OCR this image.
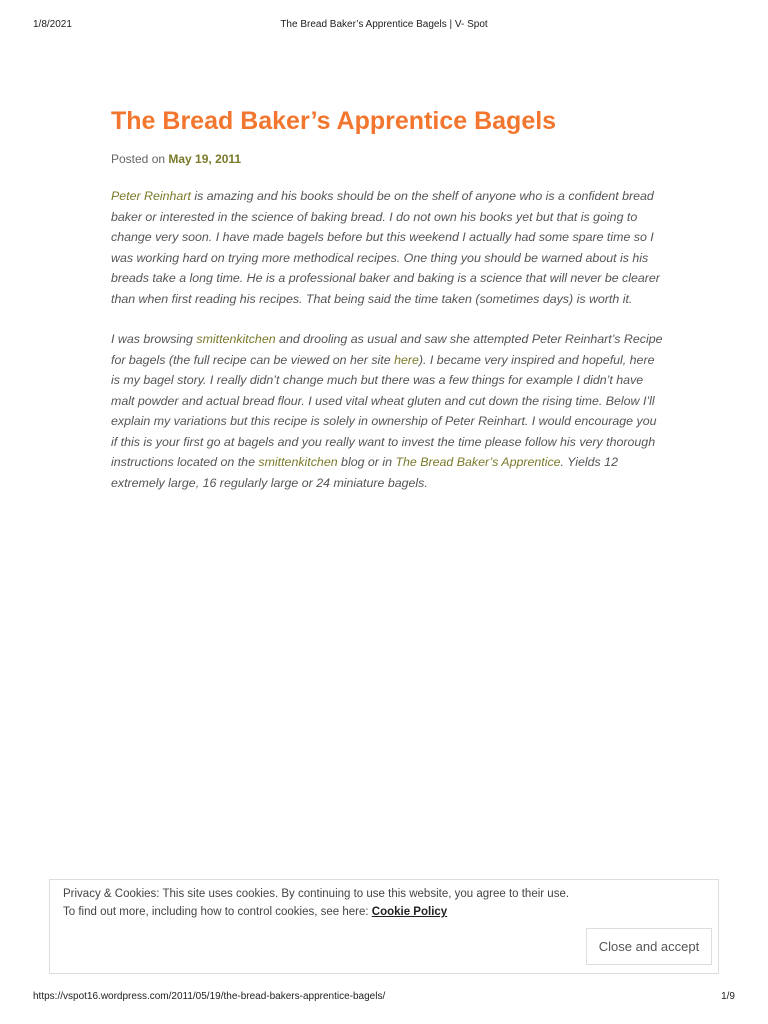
1/8/2021	The Bread Baker’s Apprentice Bagels | V- Spot
The Bread Baker’s Apprentice Bagels
Posted on May 19, 2011

Peter Reinhart is amazing and his books should be on the shelf of anyone who is a confident bread baker or interested in the science of baking bread. I do not own his books yet but that is going to change very soon. I have made bagels before but this weekend I actually had some spare time so I was working hard on trying more methodical recipes. One thing you should be warned about is his breads take a long time. He is a professional baker and baking is a science that will never be clearer than when first reading his recipes. That being said the time taken (sometimes days) is worth it.

I was browsing smittenkitchen and drooling as usual and saw she attempted Peter Reinhart’s Recipe for bagels (the full recipe can be viewed on her site here). I became very inspired and hopeful, here is my bagel story. I really didn’t change much but there was a few things for example I didn’t have malt powder and actual bread flour. I used vital wheat gluten and cut down the rising time. Below I’ll explain my variations but this recipe is solely in ownership of Peter Reinhart. I would encourage you if this is your first go at bagels and you really want to invest the time please follow his very thorough instructions located on the smittenkitchen blog or in The Bread Baker’s Apprentice. Yields 12 extremely large, 16 regularly large or 24 miniature bagels.

Privacy & Cookies: This site uses cookies. By continuing to use this website, you agree to their use.
To find out more, including how to control cookies, see here: Cookie Policy
Close and accept
https://vspot16.wordpress.com/2011/05/19/the-bread-bakers-apprentice-bagels/	1/9
